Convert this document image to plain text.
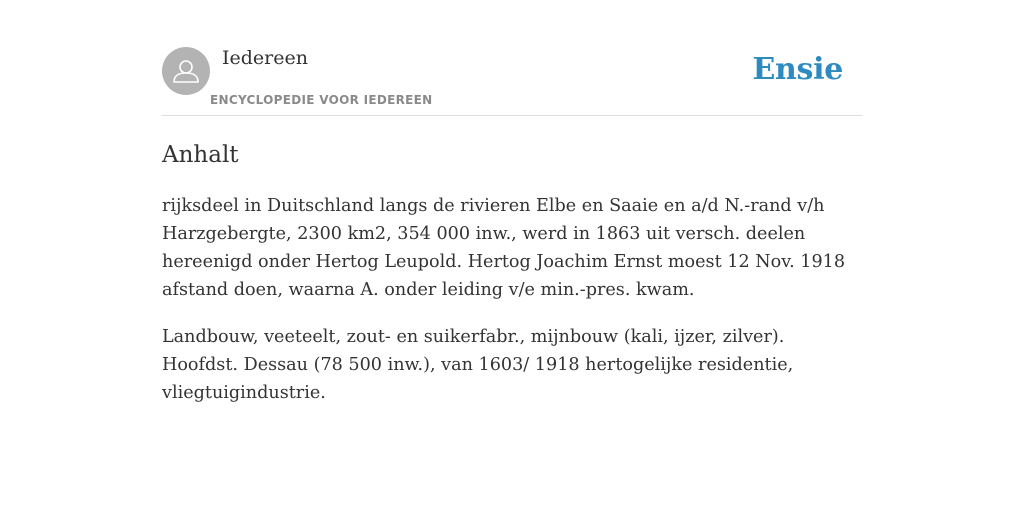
Iedereen
ENCYCLOPEDIE VOOR IEDEREEN
Ensie
Anhalt

rijksdeel in Duitschland langs de rivieren Elbe en Saaie en a/d N.-rand v/h Harzgebergte, 2300 km2, 354 000 inw., werd in 1863 uit versch. deelen hereenigd onder Hertog Leupold. Hertog Joachim Ernst moest 12 Nov. 1918 afstand doen, waarna A. onder leiding v/e min.-pres. kwam.

Landbouw, veeteelt, zout- en suikerfabr., mijnbouw (kali, ijzer, zilver). Hoofdst. Dessau (78 500 inw.), van 1603/ 1918 hertogelijke residentie, vliegtuigindustrie.
